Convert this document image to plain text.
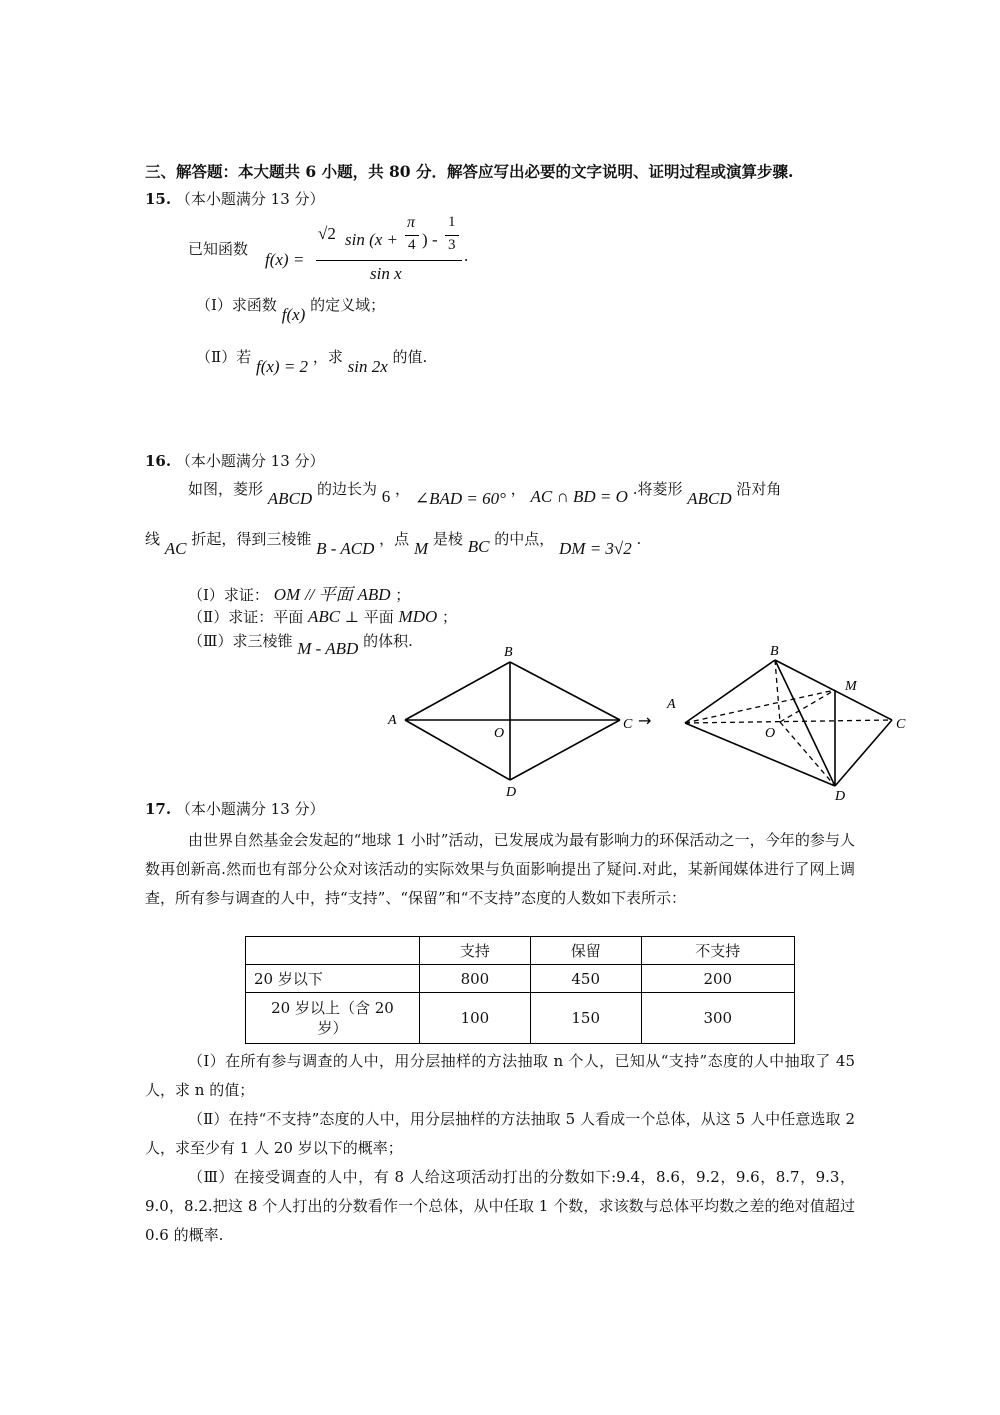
三、解答题：本大题共 6 小题，共 80 分．解答应写出必要的文字说明、证明过程或演算步骤.
15. （本小题满分 13 分）
已知函数
f(x) =
√2 sin (x +
π
4 ) -
1
3
sin x
.
（Ⅰ）求函数 f(x) 的定义域；
（Ⅱ）若 f(x) = 2 ，求 sin 2x 的值.
16. （本小题满分 13 分）
如图，菱形 ABCD 的边长为 6 ， ∠BAD = 60° ， AC ∩ BD = O .将菱形 ABCD 沿对角
线 AC 折起，得到三棱锥 B - ACD ，点 M 是棱 BC 的中点， DM = 3√2 .
（Ⅰ）求证： OM // 平面 ABD ；
（Ⅱ）求证：平面 ABC ⊥ 平面 MDO ；
（Ⅲ）求三棱锥 M - ABD 的体积.
A
B
C
D
O
→
A
B
C
D
O
M
17. （本小题满分 13 分）
由世界自然基金会发起的“地球 1 小时”活动，已发展成为最有影响力的环保活动之一，今年的参与人数再创新高.然而也有部分公众对该活动的实际效果与负面影响提出了疑问.对此，某新闻媒体进行了网上调查，所有参与调查的人中，持“支持”、“保留”和“不支持”态度的人数如下表所示：
	支持	保留	不支持
20 岁以下	800	450	200
20 岁以上（含 20 岁）	100	150	300
（Ⅰ）在所有参与调查的人中，用分层抽样的方法抽取 n 个人，已知从“支持”态度的人中抽取了 45 人，求 n 的值；
（Ⅱ）在持“不支持”态度的人中，用分层抽样的方法抽取 5 人看成一个总体，从这 5 人中任意选取 2 人，求至少有 1 人 20 岁以下的概率；
（Ⅲ）在接受调查的人中，有 8 人给这项活动打出的分数如下:9.4，8.6，9.2，9.6，8.7，9.3，9.0，8.2.把这 8 个人打出的分数看作一个总体，从中任取 1 个数，求该数与总体平均数之差的绝对值超过 0.6 的概率.
